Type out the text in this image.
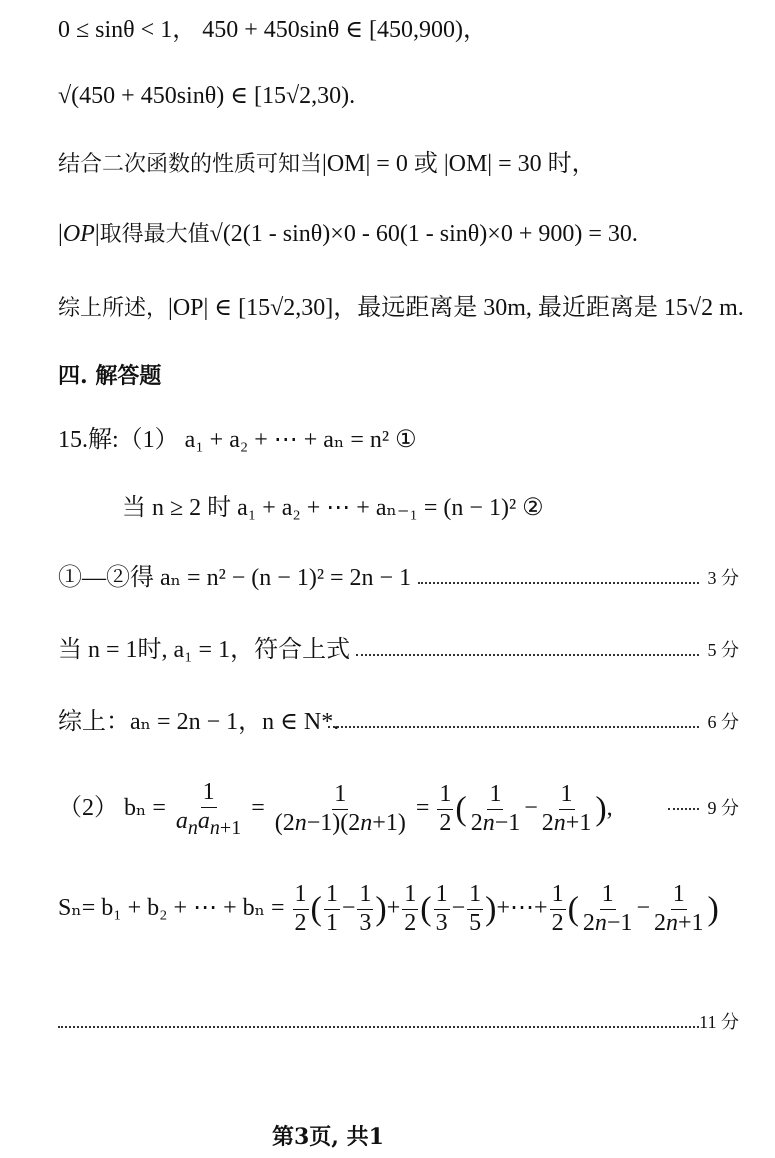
0 ≤ sinθ < 1， 450 + 450sinθ ∈ [450,900)，
√(450 + 450sinθ) ∈ [15√2,30).
结合二次函数的性质可知当|OM| = 0 或 |OM| = 30 时，
|OP|取得最大值√(2(1 - sinθ)×0 - 60(1 - sinθ)×0 + 900) = 30.
综上所述，|OP| ∈ [15√2,30]，最远距离是 30m, 最近距离是 15√2 m.
四. 解答题
15.解:（1） a₁ + a₂ + ⋯ + aₙ = n² ①
当 n ≥ 2 时 a₁ + a₂ + ⋯ + aₙ₋₁ = (n − 1)² ②
①—②得 aₙ = n² − (n − 1)² = 2n − 1	3 分
当 n = 1时, a₁ = 1，符合上式	5 分
综上：aₙ = 2n − 1，n ∈ N*.	6 分
（2） $b_n = \frac{1}{a_na_{n+1}} = \frac{1}{(2n-1)(2n+1)} = \frac{1}{2}$ ( $\frac{1}{2n-1} - \frac{1}{2n+1}$ ),	9 分
Sₙ= b₁ + b₂ + ⋯ + $b_n = \frac{1}{2}$ ( $\frac{1}{1} - \frac{1}{3}$ )+ $\frac{1}{2}$ ( $\frac{1}{3} - \frac{1}{5}$ )+⋯+ $\frac{1}{2}$ ( $\frac{1}{2n-1} - \frac{1}{2n+1}$ )
11 分
第3页, 共1
